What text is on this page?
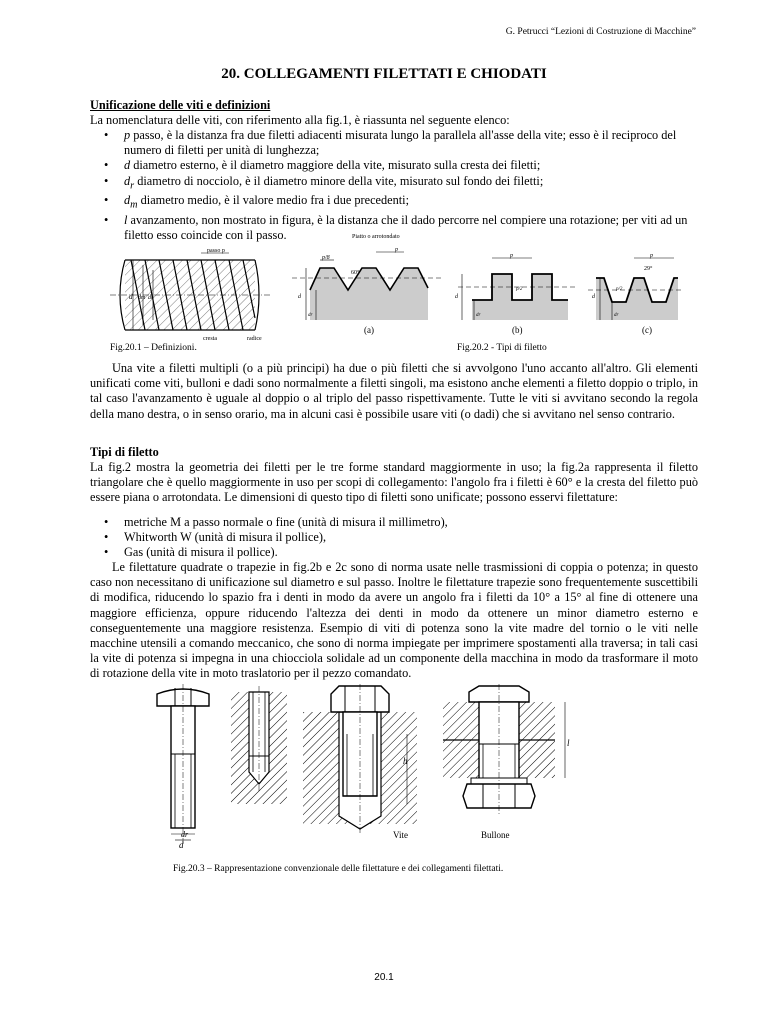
G. Petrucci “Lezioni di Costruzione di Macchine”
20. COLLEGAMENTI FILETTATI E CHIODATI
Unificazione delle viti e definizioni
La nomenclatura delle viti, con riferimento alla fig.1, è riassunta nel seguente elenco:
• p passo, è la distanza fra due filetti adiacenti misurata lungo la parallela all'asse della vite; esso è il reciproco del numero di filetti per unità di lunghezza;
• d diametro esterno, è il diametro maggiore della vite, misurato sulla cresta dei filetti;
• $d_r$ diametro di nocciolo, è il diametro minore della vite, misurato sul fondo dei filetti;
• $d_m$ diametro medio, è il valore medio fra i due precedenti;
• l avanzamento, non mostrato in figura, è la distanza che il dado percorre nel compiere una rotazione; per viti ad un filetto esso coincide con il passo.
d dm dr
passo p
cresta	radice
Fig.20.1 – Definizioni.
Piatto o arrotondato
p
p/8
60°
d
dr
(a)
p
p/2
d
dr
(b)
p
29°
p/2
d
dr
(c)
Fig.20.2 - Tipi di filetto
Una vite a filetti multipli (o a più principi) ha due o più filetti che si avvolgono l'uno accanto all'altro. Gli elementi unificati come viti, bulloni e dadi sono normalmente a filetti singoli, ma esistono anche elementi a filetto doppio o triplo, in tal caso l'avanzamento è uguale al doppio o al triplo del passo rispettivamente. Tutte le viti si avvitano secondo la regola della mano destra, o in senso orario, ma in alcuni casi è possibile usare viti (o dadi) che si avvitano nel senso contrario.
Tipi di filetto
La fig.2 mostra la geometria dei filetti per le tre forme standard maggiormente in uso; la fig.2a rappresenta il filetto triangolare che è quello maggiormente in uso per scopi di collegamento: l'angolo fra i filetti è 60° e la cresta del filetto può essere piana o arrotondata. Le dimensioni di questo tipo di filetti sono unificate; possono esservi filettature:
• metriche M a passo normale o fine (unità di misura il millimetro),
• Whitworth W (unità di misura il pollice),
• Gas (unità di misura il pollice).
Le filettature quadrate o trapezie in fig.2b e 2c sono di norma usate nelle trasmissioni di coppia o potenza; in questo caso non necessitano di unificazione sul diametro e sul passo. Inoltre le filettature trapezie sono frequentemente suscettibili di modifica, riducendo lo spazio fra i denti in modo da avere un angolo fra i filetti da 10° a 15° al fine di ottenere una maggiore efficienza, oppure riducendo l'altezza dei denti in modo da ottenere un minor diametro esterno e conseguentemente una maggiore resistenza. Esempio di viti di potenza sono la vite madre del tornio o le viti nelle macchine utensili a comando meccanico, che sono di norma impiegate per imprimere spostamenti alla traversa; in tali casi la vite di potenza si impegna in una chiocciola solidale ad un componente della macchina in modo da trasformare il moto di rotazione della vite in moto traslatorio per il pezzo comandato.
dr
d
h
Vite
l
Bullone
Fig.20.3 – Rappresentazione convenzionale delle filettature e dei collegamenti filettati.
20.1
